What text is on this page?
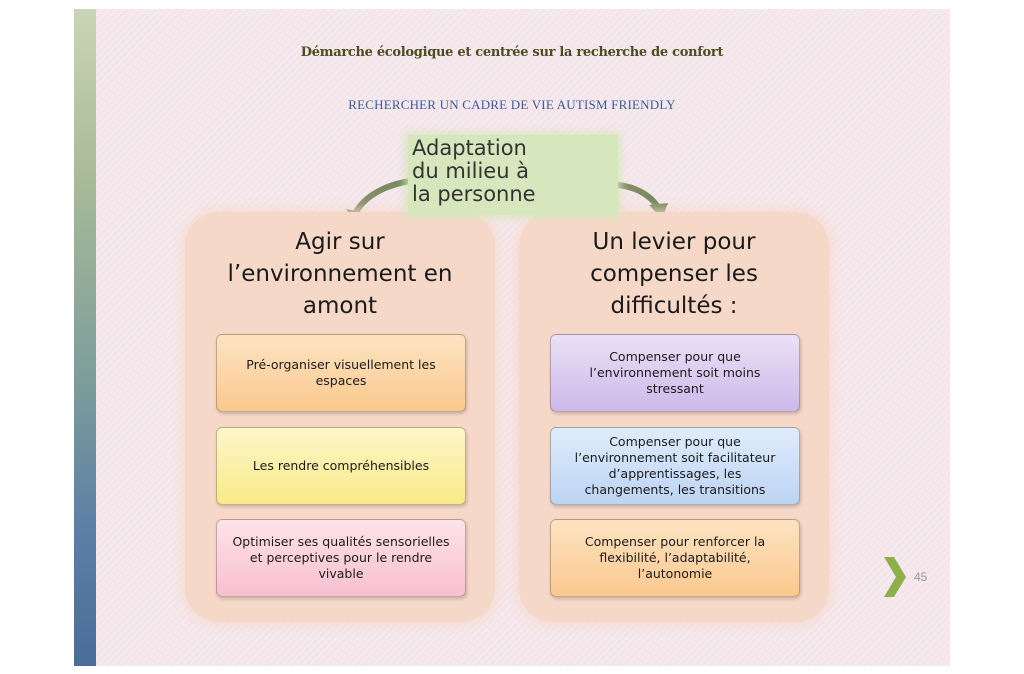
Démarche écologique et centrée sur la recherche de confort
RECHERCHER UN CADRE DE VIE AUTISM FRIENDLY
Agir sur
l’environnement en
amont
Pré-organiser visuellement les espaces
Les rendre compréhensibles
Optimiser ses qualités sensorielles et perceptives pour le rendre vivable
Un levier pour
compenser les
difficultés :
Compenser pour que l’environnement soit moins stressant
Compenser pour que l’environnement soit facilitateur d’apprentissages, les changements, les transitions
Compenser pour renforcer la flexibilité, l’adaptabilité, l’autonomie
Adaptation
du milieu à
la personne
45
